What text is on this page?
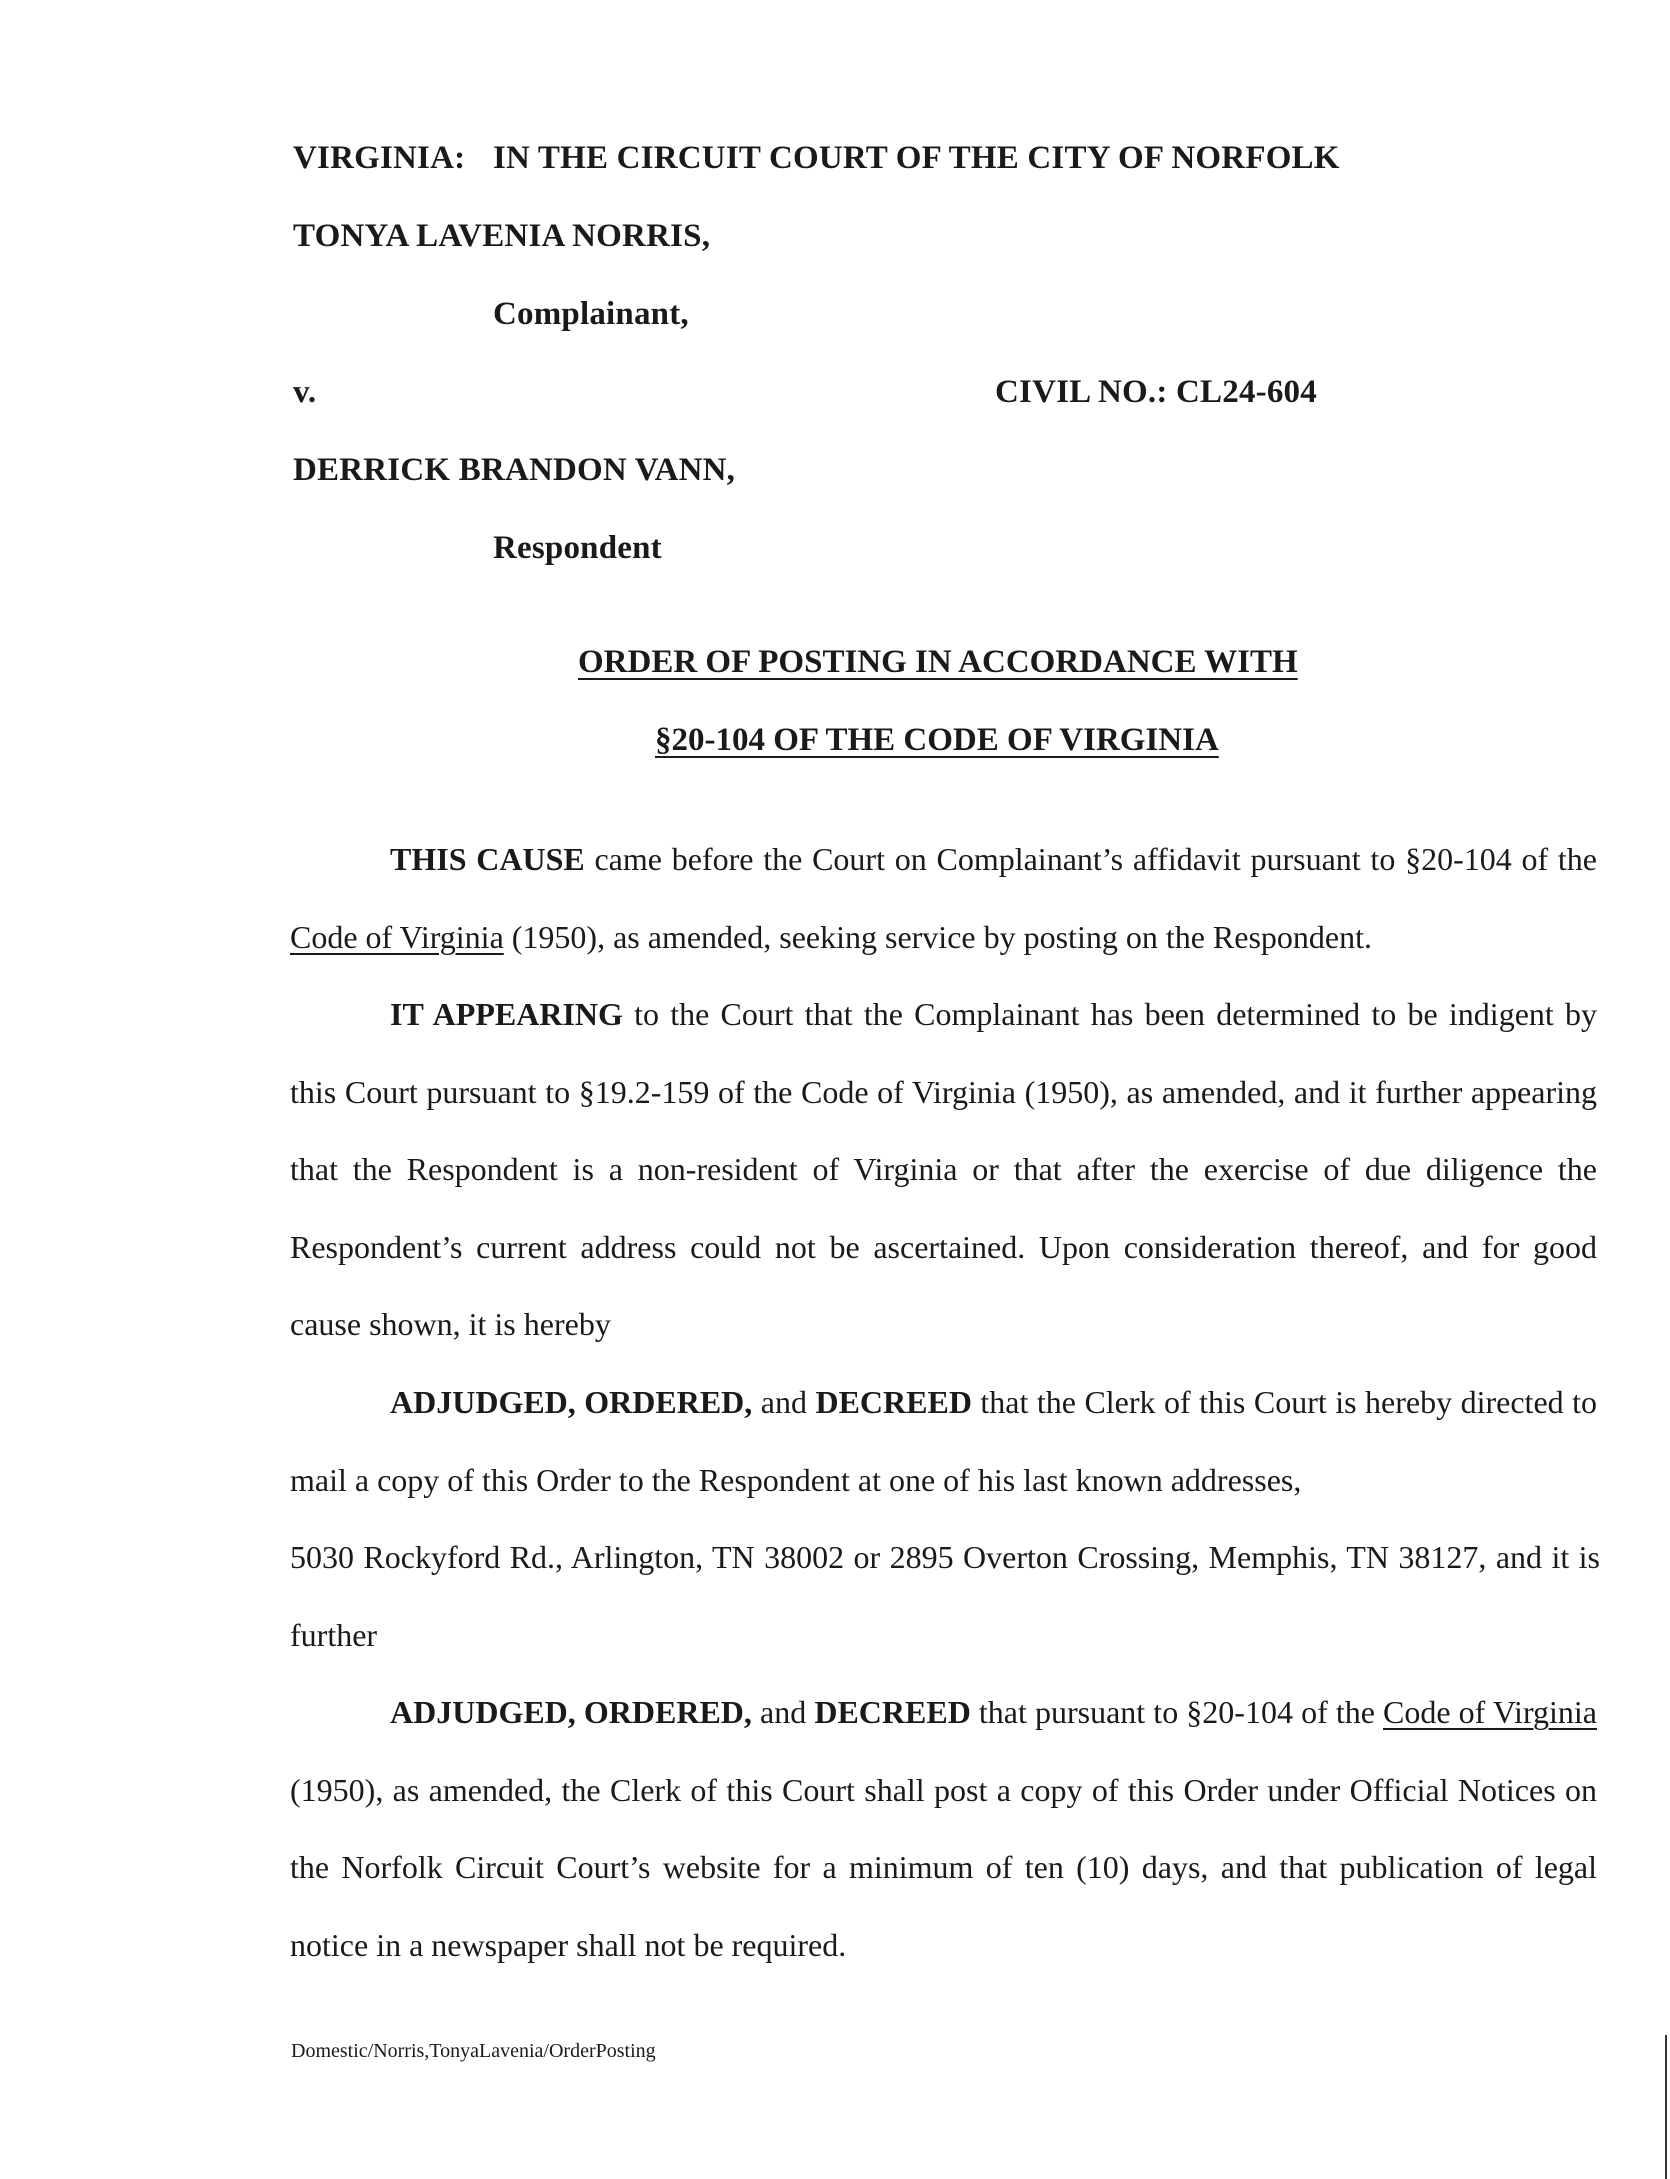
VIRGINIA: IN THE CIRCUIT COURT OF THE CITY OF NORFOLK
TONYA LAVENIA NORRIS,
Complainant,
v.	CIVIL NO.: CL24-604
DERRICK BRANDON VANN,
Respondent
ORDER OF POSTING IN ACCORDANCE WITH
§20-104 OF THE CODE OF VIRGINIA
THIS CAUSE came before the Court on Complainant’s affidavit pursuant to §20-104 of the Code of Virginia (1950), as amended, seeking service by posting on the Respondent.
IT APPEARING to the Court that the Complainant has been determined to be indigent by this Court pursuant to §19.2-159 of the Code of Virginia (1950), as amended, and it further appearing that the Respondent is a non-resident of Virginia or that after the exercise of due diligence the Respondent’s current address could not be ascertained. Upon consideration thereof, and for good cause shown, it is hereby
ADJUDGED, ORDERED, and DECREED that the Clerk of this Court is hereby directed to mail a copy of this Order to the Respondent at one of his last known addresses,
5030 Rockyford Rd., Arlington, TN 38002 or 2895 Overton Crossing, Memphis, TN 38127, and it is further
ADJUDGED, ORDERED, and DECREED that pursuant to §20-104 of the Code of Virginia (1950), as amended, the Clerk of this Court shall post a copy of this Order under Official Notices on the Norfolk Circuit Court’s website for a minimum of ten (10) days, and that publication of legal notice in a newspaper shall not be required.
Domestic/Norris,TonyaLavenia/OrderPosting
